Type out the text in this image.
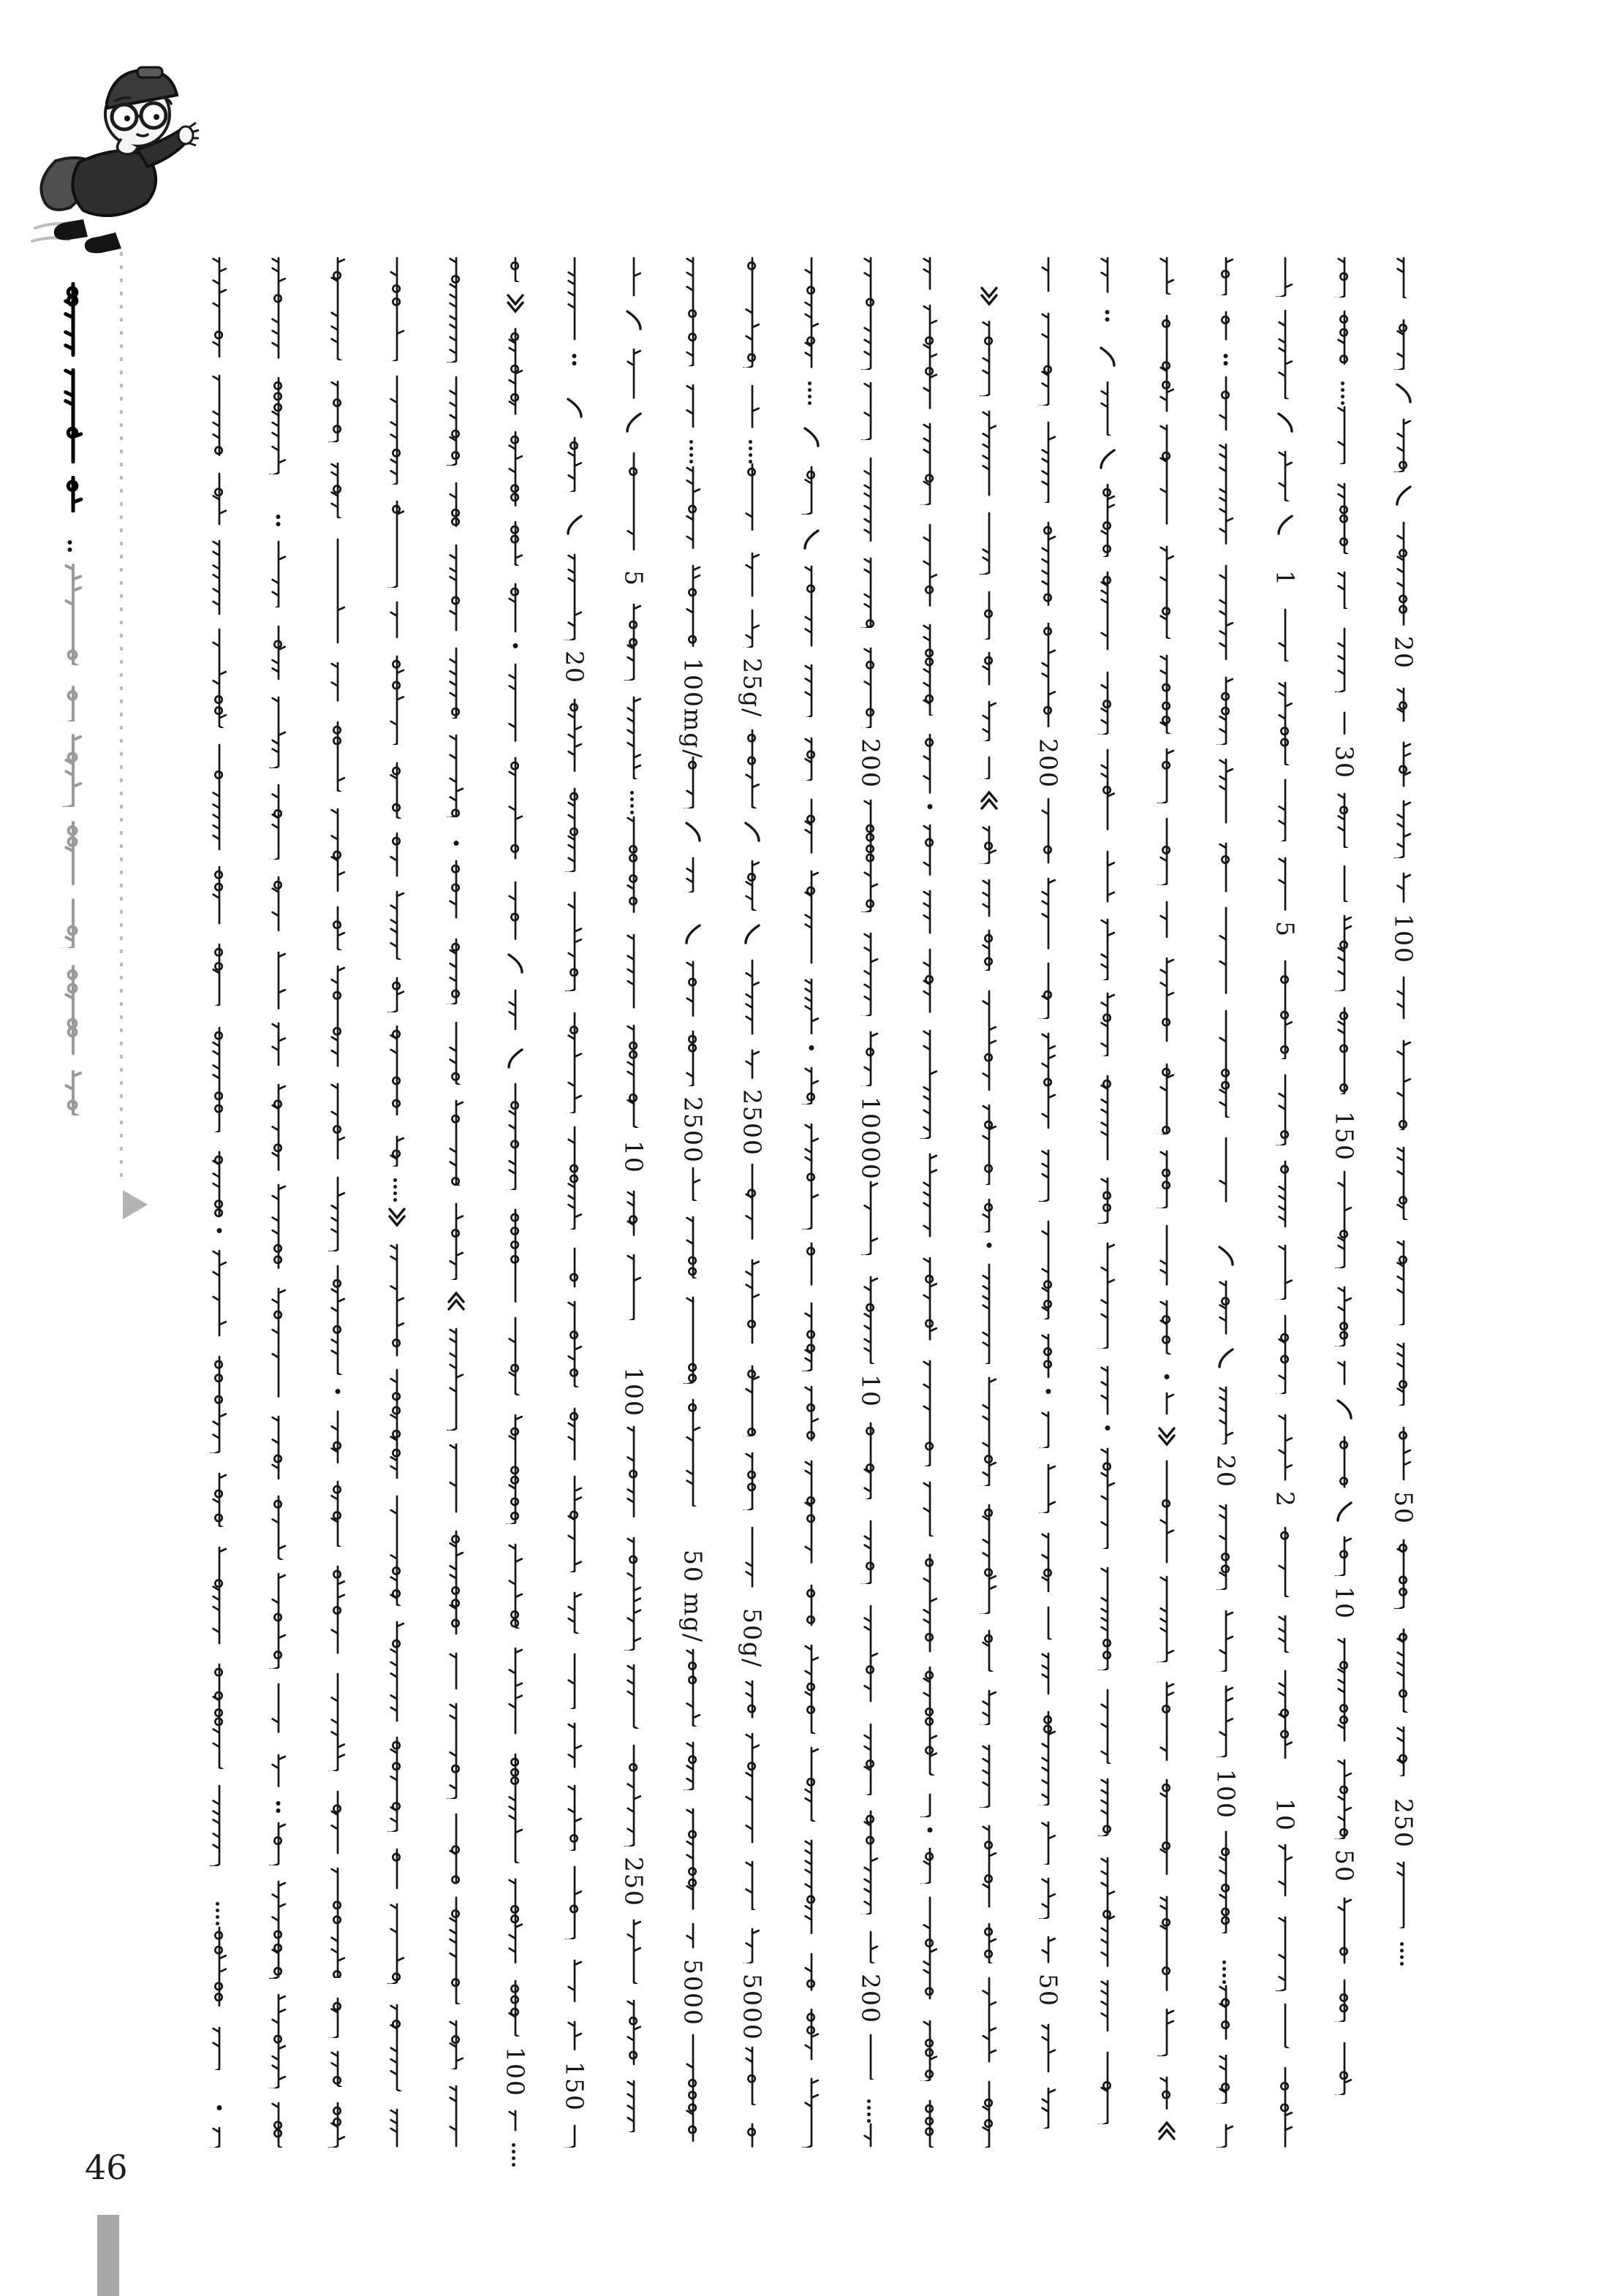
100
20
150
5
10
100
250
100mg/
2500
50 mg/
5000
25g/
2500
50g/
5000
200
10000
10
200
200
50
20
100
1
5
2
10
30
150
10
50
20
100
50
250
46
